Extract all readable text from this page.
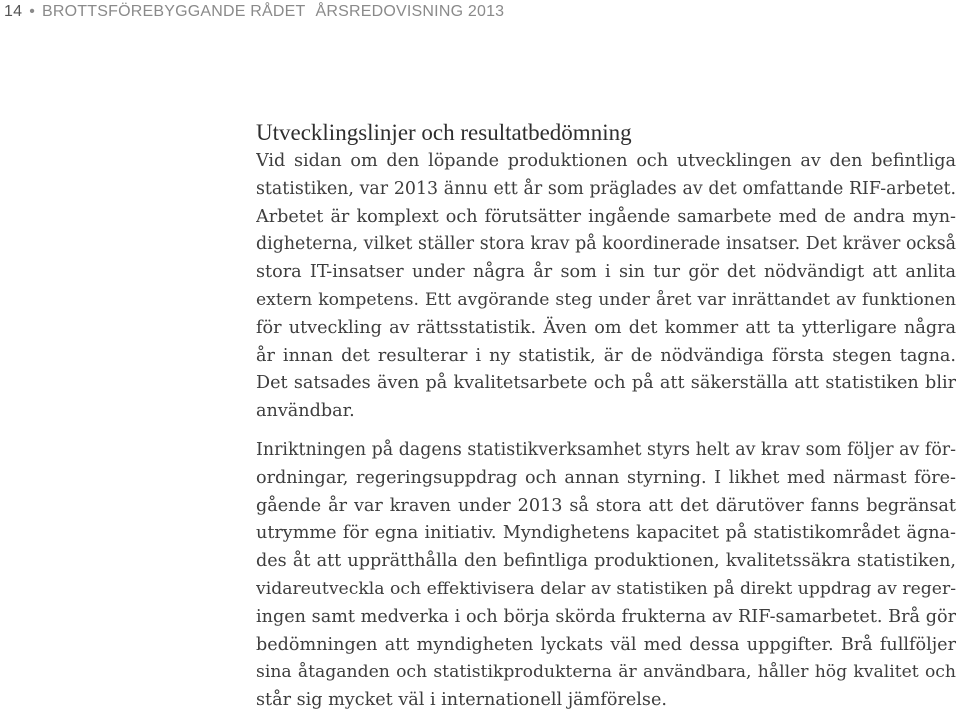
14 • BROTTSFÖREBYGGANDE RÅDET ÅRSREDOVISNING 2013
Utvecklingslinjer och resultatbedömning
Vid sidan om den löpande produktionen och utvecklingen av den befintliga
statistiken, var 2013 ännu ett år som präglades av det omfattande RIF-arbetet.
Arbetet är komplext och förutsätter ingående samarbete med de andra myn-
digheterna, vilket ställer stora krav på koordinerade insatser. Det kräver också
stora IT-insatser under några år som i sin tur gör det nödvändigt att anlita
extern kompetens. Ett avgörande steg under året var inrättandet av funktionen
för utveckling av rättsstatistik. Även om det kommer att ta ytterligare några
år innan det resulterar i ny statistik, är de nödvändiga första stegen tagna.
Det satsades även på kvalitetsarbete och på att säkerställa att statistiken blir
användbar.
Inriktningen på dagens statistikverksamhet styrs helt av krav som följer av för-
ordningar, regeringsuppdrag och annan styrning. I likhet med närmast före-
gående år var kraven under 2013 så stora att det därutöver fanns begränsat
utrymme för egna initiativ. Myndighetens kapacitet på statistikområdet ägna-
des åt att upprätthålla den befintliga produktionen, kvalitetssäkra statistiken,
vidareutveckla och effektivisera delar av statistiken på direkt uppdrag av reger-
ingen samt medverka i och börja skörda frukterna av RIF-samarbetet. Brå gör
bedömningen att myndigheten lyckats väl med dessa uppgifter. Brå fullföljer
sina åtaganden och statistikprodukterna är användbara, håller hög kvalitet och
står sig mycket väl i internationell jämförelse.
